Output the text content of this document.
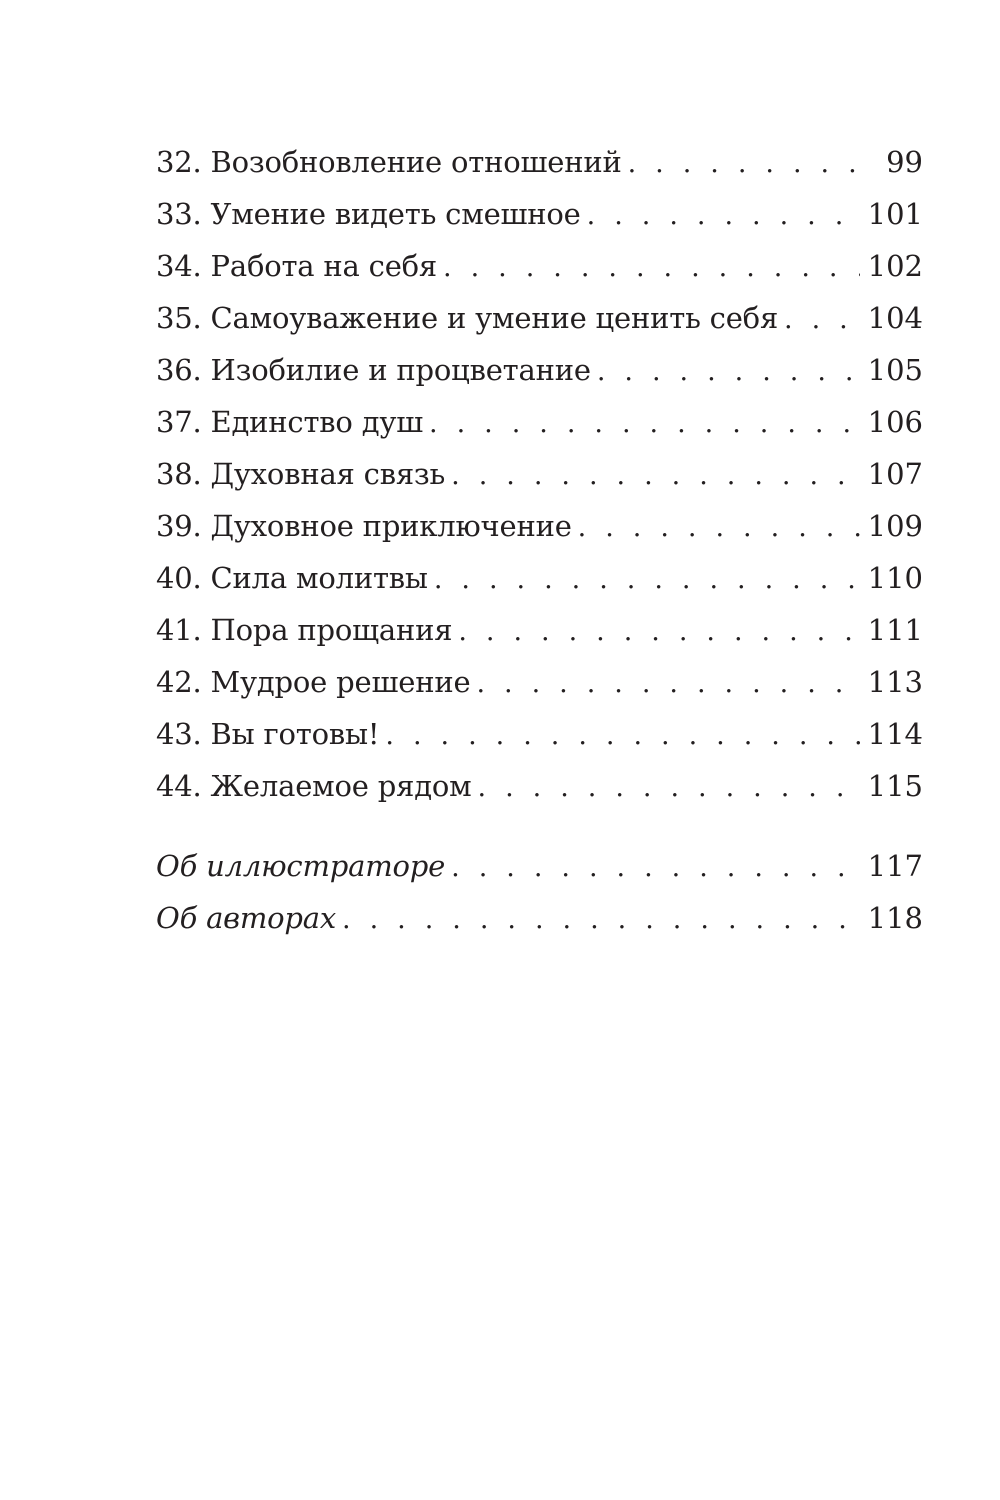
32. Возобновление отношений . . .	99
33. Умение видеть смешное . . .	101
34. Работа на себя . . .	102
35. Самоуважение и умение ценить себя . . .	104
36. Изобилие и процветание . . .	105
37. Единство душ . . .	106
38. Духовная связь . . .	107
39. Духовное приключение . . .	109
40. Сила молитвы . . .	110
41. Пора прощания . . .	111
42. Мудрое решение . . .	113
43. Вы готовы! . . .	114
44. Желаемое рядом . . .	115
Об иллюстраторе . . .	117
Об авторах . . .	118
